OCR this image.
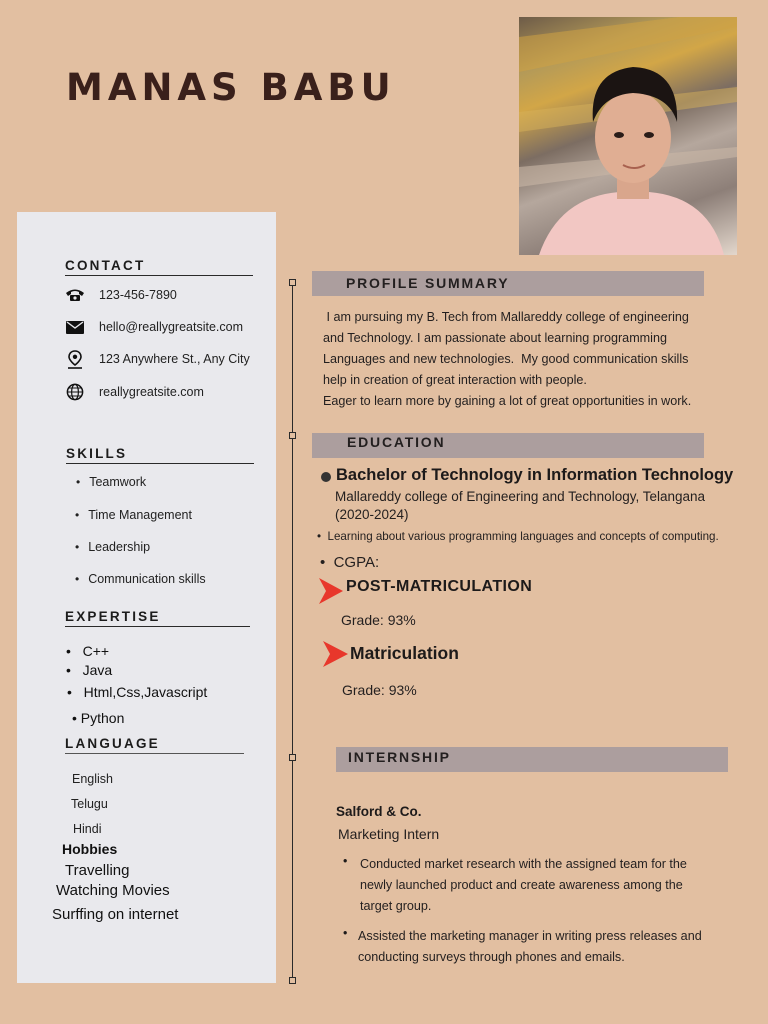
MANAS BABU
CONTACT
123-456-7890
hello@reallygreatsite.com
123 Anywhere St., Any City
reallygreatsite.com
SKILLS
• Teamwork
• Time Management
• Leadership
• Communication skills
EXPERTISE
•   C++
•   Java
•   Html,Css,Javascript
• Python
LANGUAGE
English
Telugu
Hindi
Hobbies
Travelling
Watching Movies
Surffing on internet
PROFILE SUMMARY
I am pursuing my B. Tech from Mallareddy college of engineering
and Technology. I am passionate about learning programming
Languages and new technologies.  My good communication skills
help in creation of great interaction with people.
Eager to learn more by gaining a lot of great opportunities in work.
EDUCATION
Bachelor of Technology in Information Technology
Mallareddy college of Engineering and Technology, Telangana
(2020-2024)
•  Learning about various programming languages and concepts of computing.
•  CGPA:
POST-MATRICULATION
Grade: 93%
Matriculation
Grade: 93%
INTERNSHIP
Salford & Co.
Marketing Intern
• Conducted market research with the assigned team for the
newly launched product and create awareness among the
target group.
• Assisted the marketing manager in writing press releases and
conducting surveys through phones and emails.
